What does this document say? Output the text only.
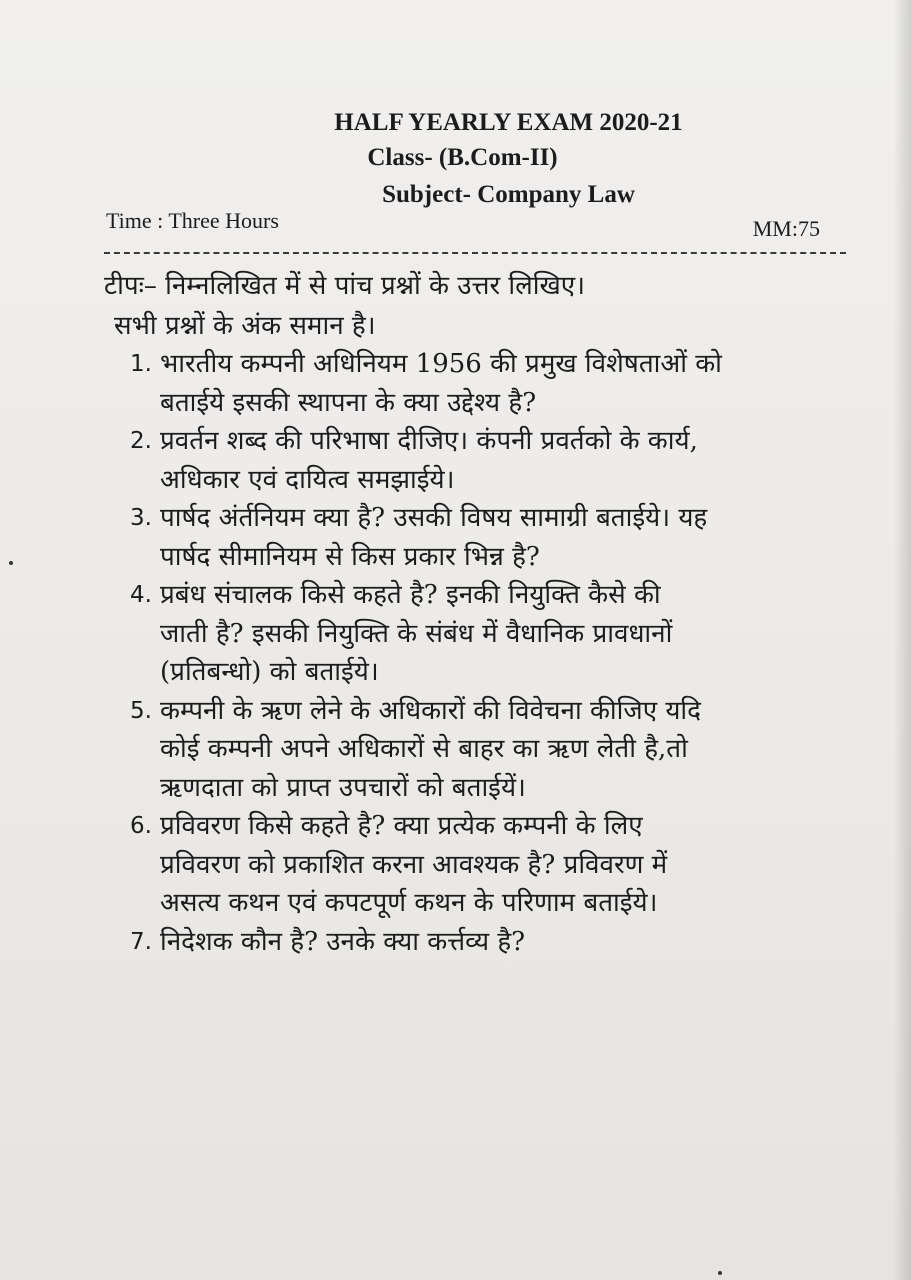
HALF YEARLY EXAM 2020-21
Class- (B.Com-II)
Subject- Company Law
Time : Three Hours	MM:75
टीपः– निम्नलिखित में से पांच प्रश्नों के उत्तर लिखिए।
सभी प्रश्नों के अंक समान है।
1. भारतीय कम्पनी अधिनियम 1956 की प्रमुख विशेषताओं को
बताईये इसकी स्थापना के क्या उद्देश्य है?
2. प्रवर्तन शब्द की परिभाषा दीजिए। कंपनी प्रवर्तको के कार्य,
अधिकार एवं दायित्व समझाईये।
3. पार्षद अंर्तनियम क्या है? उसकी विषय सामाग्री बताईये। यह
पार्षद सीमानियम से किस प्रकार भिन्न है?
4. प्रबंध संचालक किसे कहते है? इनकी नियुक्ति कैसे की
जाती है? इसकी नियुक्ति के संबंध में वैधानिक प्रावधानों
(प्रतिबन्धो) को बताईये।
5. कम्पनी के ऋण लेने के अधिकारों की विवेचना कीजिए यदि
कोई कम्पनी अपने अधिकारों से बाहर का ऋण लेती है,तो
ऋणदाता को प्राप्त उपचारों को बताईयें।
6. प्रविवरण किसे कहते है? क्या प्रत्येक कम्पनी के लिए
प्रविवरण को प्रकाशित करना आवश्यक है? प्रविवरण में
असत्य कथन एवं कपटपूर्ण कथन के परिणाम बताईये।
7. निदेशक कौन है? उनके क्या कर्त्तव्य है?
